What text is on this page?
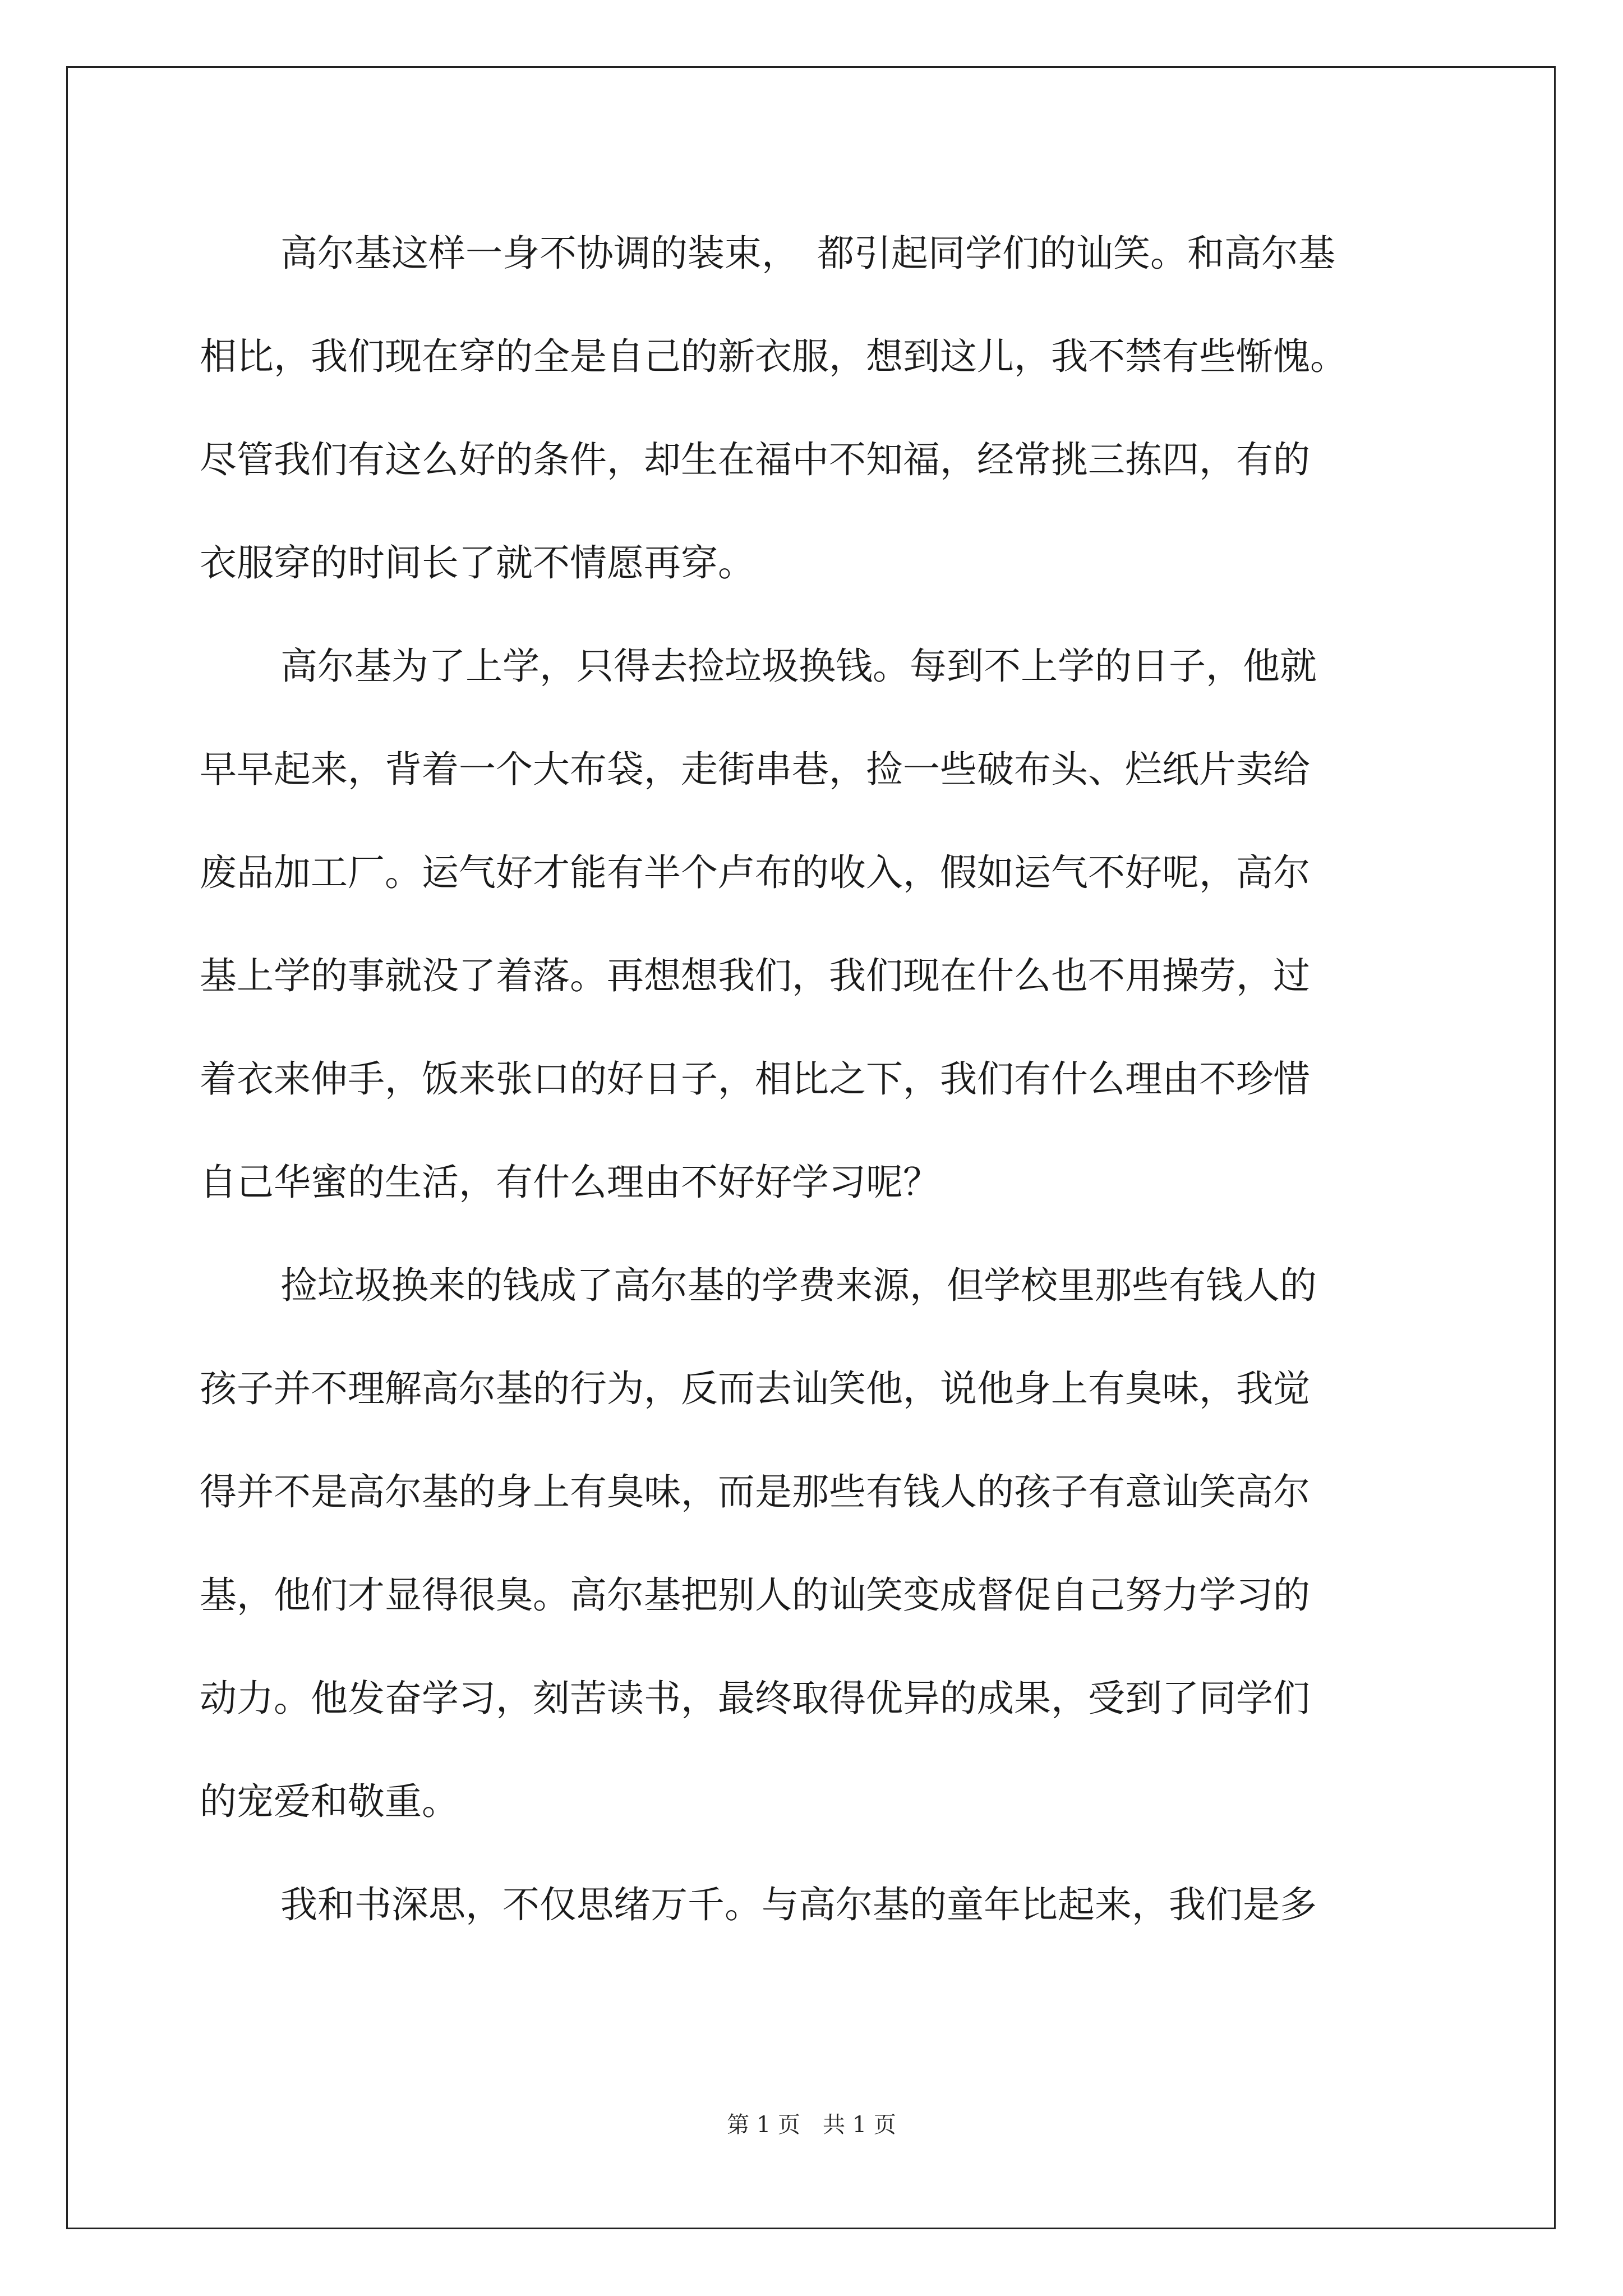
高尔基这样一身不协调的装束，　都引起同学们的讪笑。和高尔基
相比，我们现在穿的全是自己的新衣服，想到这儿，我不禁有些惭愧。
尽管我们有这么好的条件，却生在福中不知福，经常挑三拣四，有的
衣服穿的时间长了就不情愿再穿。
高尔基为了上学，只得去捡垃圾换钱。每到不上学的日子，他就
早早起来，背着一个大布袋，走街串巷，捡一些破布头、烂纸片卖给
废品加工厂。运气好才能有半个卢布的收入，假如运气不好呢，高尔
基上学的事就没了着落。再想想我们，我们现在什么也不用操劳，过
着衣来伸手，饭来张口的好日子，相比之下，我们有什么理由不珍惜
自己华蜜的生活，有什么理由不好好学习呢？
捡垃圾换来的钱成了高尔基的学费来源，但学校里那些有钱人的
孩子并不理解高尔基的行为，反而去讪笑他，说他身上有臭味，我觉
得并不是高尔基的身上有臭味，而是那些有钱人的孩子有意讪笑高尔
基，他们才显得很臭。高尔基把别人的讪笑变成督促自己努力学习的
动力。他发奋学习，刻苦读书，最终取得优异的成果，受到了同学们
的宠爱和敬重。
我和书深思，不仅思绪万千。与高尔基的童年比起来，我们是多
第 1 页　共 1 页
